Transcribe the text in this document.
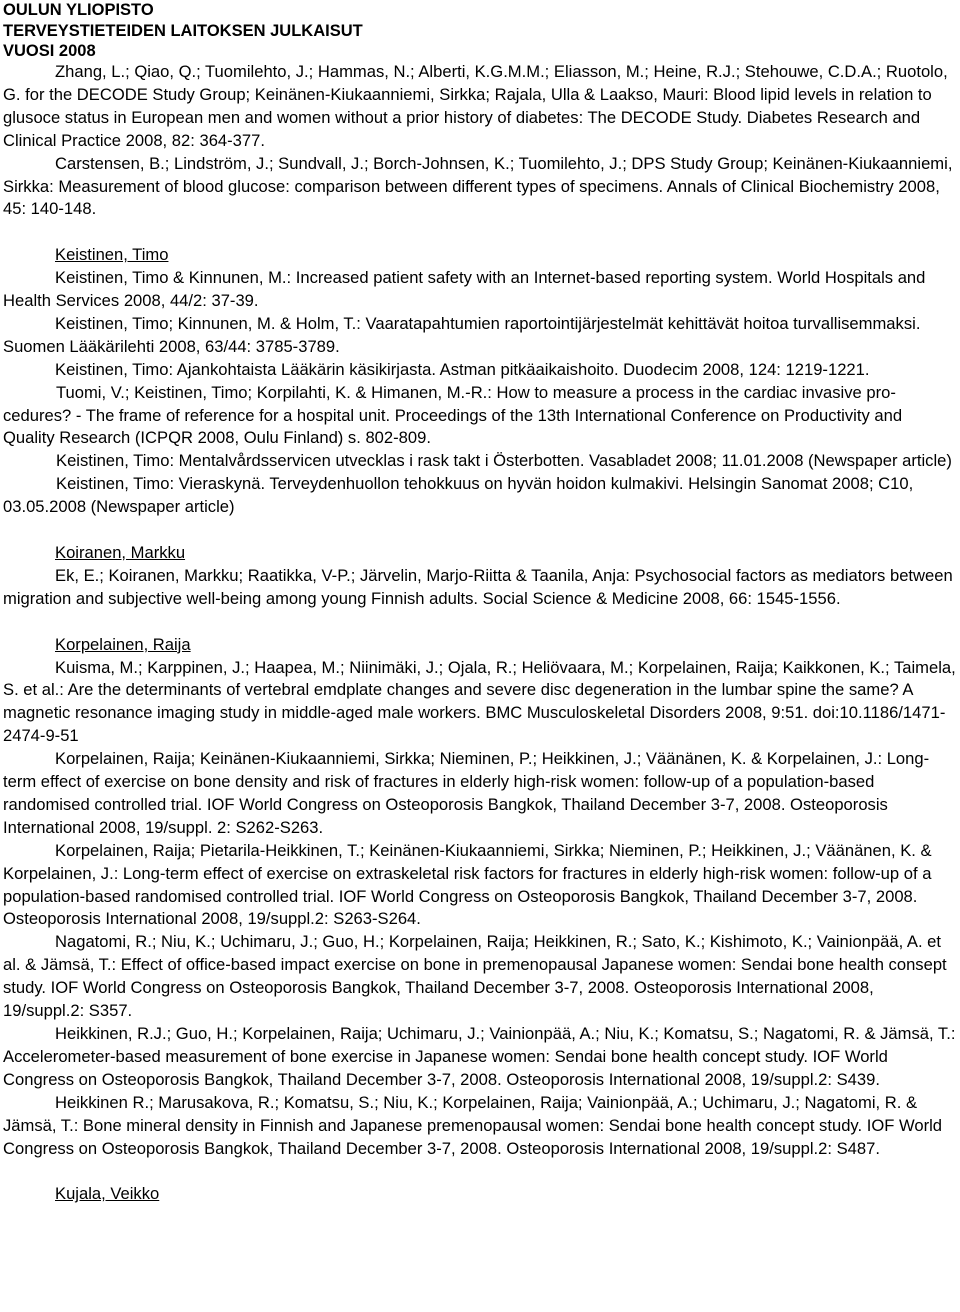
OULUN YLIOPISTO
TERVEYSTIETEIDEN LAITOKSEN JULKAISUT
VUOSI 2008

Zhang, L.; Qiao, Q.; Tuomilehto, J.; Hammas, N.; Alberti, K.G.M.M.; Eliasson, M.; Heine, R.J.; Stehouwe, C.D.A.; Ruotolo, G. for the DECODE Study Group; Keinänen-Kiukaanniemi, Sirkka; Rajala, Ulla & Laakso, Mauri: Blood lipid levels in relation to glusoce status in European men and women without a prior history of diabetes: The DECODE Study. Diabetes Research and Clinical Practice 2008, 82: 364-377.

Carstensen, B.; Lindström, J.; Sundvall, J.; Borch-Johnsen, K.; Tuomilehto, J.; DPS Study Group; Keinänen-Kiukaanniemi, Sirkka: Measurement of blood glucose: comparison between different types of specimens. Annals of Clinical Biochemistry 2008, 45: 140-148.

Keistinen, Timo

Keistinen, Timo & Kinnunen, M.: Increased patient safety with an Internet-based reporting system. World Hospitals and Health Services 2008, 44/2: 37-39.

Keistinen, Timo; Kinnunen, M. & Holm, T.: Vaaratapahtumien raportointijärjestelmät kehittävät hoitoa turvallisemmaksi. Suomen Lääkärilehti 2008, 63/44: 3785-3789.

Keistinen, Timo: Ajankohtaista Lääkärin käsikirjasta. Astman pitkäaikaishoito. Duodecim 2008, 124: 1219-1221.

Tuomi, V.; Keistinen, Timo; Korpilahti, K. & Himanen, M.-R.: How to measure a process in the cardiac invasive pro-cedures? - The frame of reference for a hospital unit. Proceedings of the 13th International Conference on Productivity and Quality Research (ICPQR 2008, Oulu Finland) s. 802-809.

Keistinen, Timo: Mentalvårdsservicen utvecklas i rask takt i Österbotten. Vasabladet 2008; 11.01.2008 (Newspaper article)

Keistinen, Timo: Vieraskynä. Terveydenhuollon tehokkuus on hyvän hoidon kulmakivi. Helsingin Sanomat 2008; C10, 03.05.2008 (Newspaper article)

Koiranen, Markku

Ek, E.; Koiranen, Markku; Raatikka, V-P.; Järvelin, Marjo-Riitta & Taanila, Anja: Psychosocial factors as mediators between migration and subjective well-being among young Finnish adults. Social Science & Medicine 2008, 66: 1545-1556.

Korpelainen, Raija

Kuisma, M.; Karppinen, J.; Haapea, M.; Niinimäki, J.; Ojala, R.; Heliövaara, M.; Korpelainen, Raija; Kaikkonen, K.; Taimela, S. et al.: Are the determinants of vertebral emdplate changes and severe disc degeneration in the lumbar spine the same? A magnetic resonance imaging study in middle-aged male workers. BMC Musculoskeletal Disorders 2008, 9:51. doi:10.1186/1471-2474-9-51

Korpelainen, Raija; Keinänen-Kiukaanniemi, Sirkka; Nieminen, P.; Heikkinen, J.; Väänänen, K. & Korpelainen, J.: Long-term effect of exercise on bone density and risk of fractures in elderly high-risk women: follow-up of a population-based randomised controlled trial. IOF World Congress on Osteoporosis Bangkok, Thailand December 3-7, 2008. Osteoporosis International 2008, 19/suppl. 2: S262-S263.

Korpelainen, Raija; Pietarila-Heikkinen, T.; Keinänen-Kiukaanniemi, Sirkka; Nieminen, P.; Heikkinen, J.; Väänänen, K. & Korpelainen, J.: Long-term effect of exercise on extraskeletal risk factors for fractures in elderly high-risk women: follow-up of a population-based randomised controlled trial. IOF World Congress on Osteoporosis Bangkok, Thailand December 3-7, 2008. Osteoporosis International 2008, 19/suppl.2: S263-S264.

Nagatomi, R.; Niu, K.; Uchimaru, J.; Guo, H.; Korpelainen, Raija; Heikkinen, R.; Sato, K.; Kishimoto, K.; Vainionpää, A. et al. & Jämsä, T.: Effect of office-based impact exercise on bone in premenopausal Japanese women: Sendai bone health consept study. IOF World Congress on Osteoporosis Bangkok, Thailand December 3-7, 2008. Osteoporosis International 2008, 19/suppl.2: S357.

Heikkinen, R.J.; Guo, H.; Korpelainen, Raija; Uchimaru, J.; Vainionpää, A.; Niu, K.; Komatsu, S.; Nagatomi, R. & Jämsä, T.: Accelerometer-based measurement of bone exercise in Japanese women: Sendai bone health concept study. IOF World Congress on Osteoporosis Bangkok, Thailand December 3-7, 2008. Osteoporosis International 2008, 19/suppl.2: S439.

Heikkinen R.; Marusakova, R.; Komatsu, S.; Niu, K.; Korpelainen, Raija; Vainionpää, A.; Uchimaru, J.; Nagatomi, R. & Jämsä, T.: Bone mineral density in Finnish and Japanese premenopausal women: Sendai bone health concept study. IOF World Congress on Osteoporosis Bangkok, Thailand December 3-7, 2008. Osteoporosis International 2008, 19/suppl.2: S487.

Kujala, Veikko
